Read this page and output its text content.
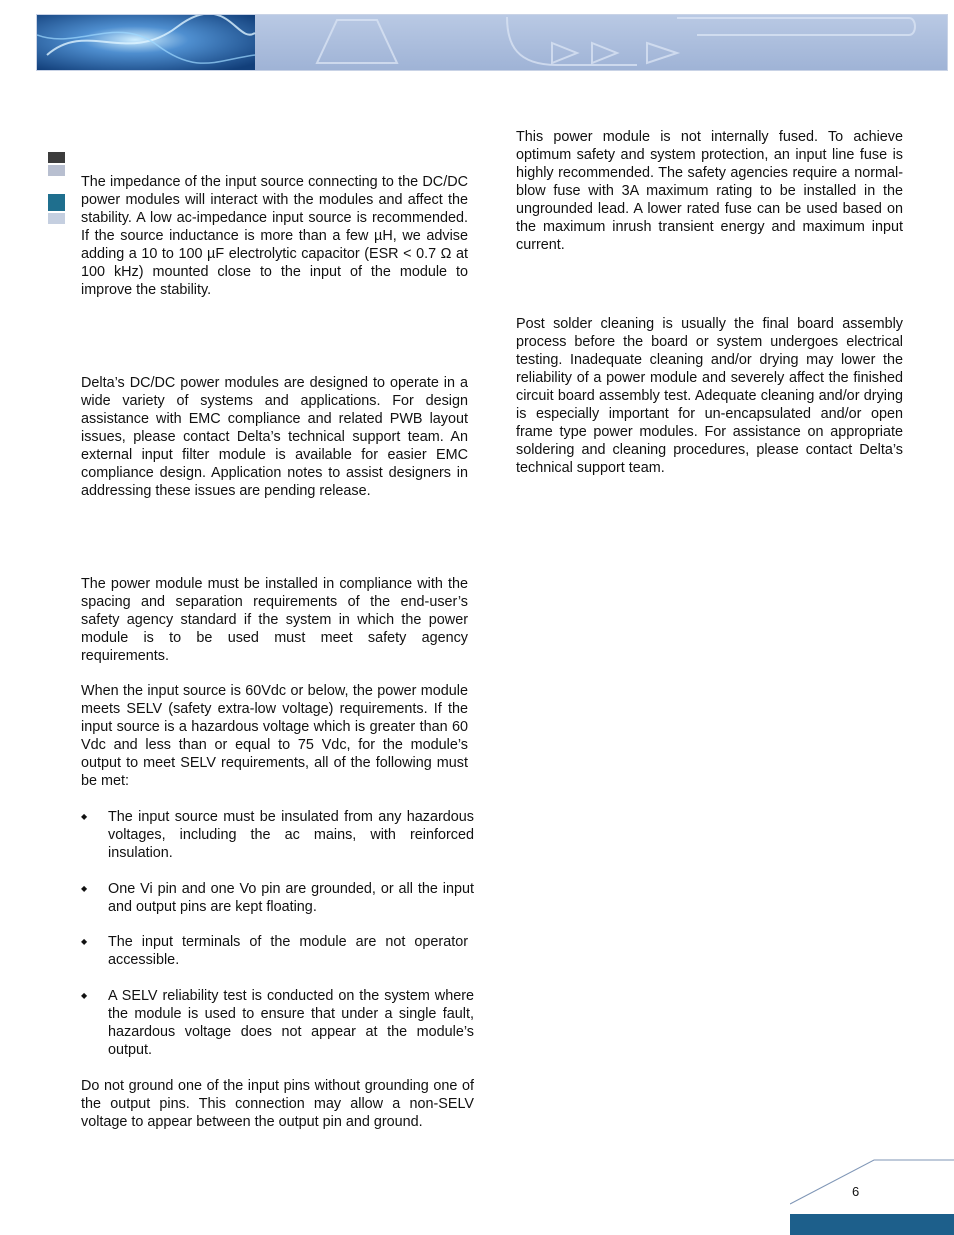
The impedance of the input source connecting to the DC/DC power modules will interact with the modules and affect the stability. A low ac-impedance input source is recommended. If the source inductance is more than a few µH, we advise adding a 10 to 100 µF electrolytic capacitor (ESR < 0.7 Ω at 100 kHz) mounted close to the input of the module to improve the stability.

Delta’s DC/DC power modules are designed to operate in a wide variety of systems and applications. For design assistance with EMC compliance and related PWB layout issues, please contact Delta’s technical support team. An external input filter module is available for easier EMC compliance design. Application notes to assist designers in addressing these issues are pending release.

The power module must be installed in compliance with the spacing and separation requirements of the end-user’s safety agency standard if the system in which the power module is to be used must meet safety agency requirements.

When the input source is 60Vdc or below, the power module meets SELV (safety extra-low voltage) requirements. If the input source is a hazardous voltage which is greater than 60 Vdc and less than or equal to 75 Vdc, for the module’s output to meet SELV requirements, all of the following must be met:

◆ The input source must be insulated from any hazardous voltages, including the ac mains, with reinforced insulation.
◆ One Vi pin and one Vo pin are grounded, or all the input and output pins are kept floating.
◆ The input terminals of the module are not operator accessible.
◆ A SELV reliability test is conducted on the system where the module is used to ensure that under a single fault, hazardous voltage does not appear at the module’s output.

Do not ground one of the input pins without grounding one of the output pins. This connection may allow a non-SELV voltage to appear between the output pin and ground.

This power module is not internally fused. To achieve optimum safety and system protection, an input line fuse is highly recommended. The safety agencies require a normal-blow fuse with 3A maximum rating to be installed in the ungrounded lead. A lower rated fuse can be used based on the maximum inrush transient energy and maximum input current.

Post solder cleaning is usually the final board assembly process before the board or system undergoes electrical testing. Inadequate cleaning and/or drying may lower the reliability of a power module and severely affect the finished circuit board assembly test. Adequate cleaning and/or drying is especially important for un-encapsulated and/or open frame type power modules. For assistance on appropriate soldering and cleaning procedures, please contact Delta’s technical support team.

6
